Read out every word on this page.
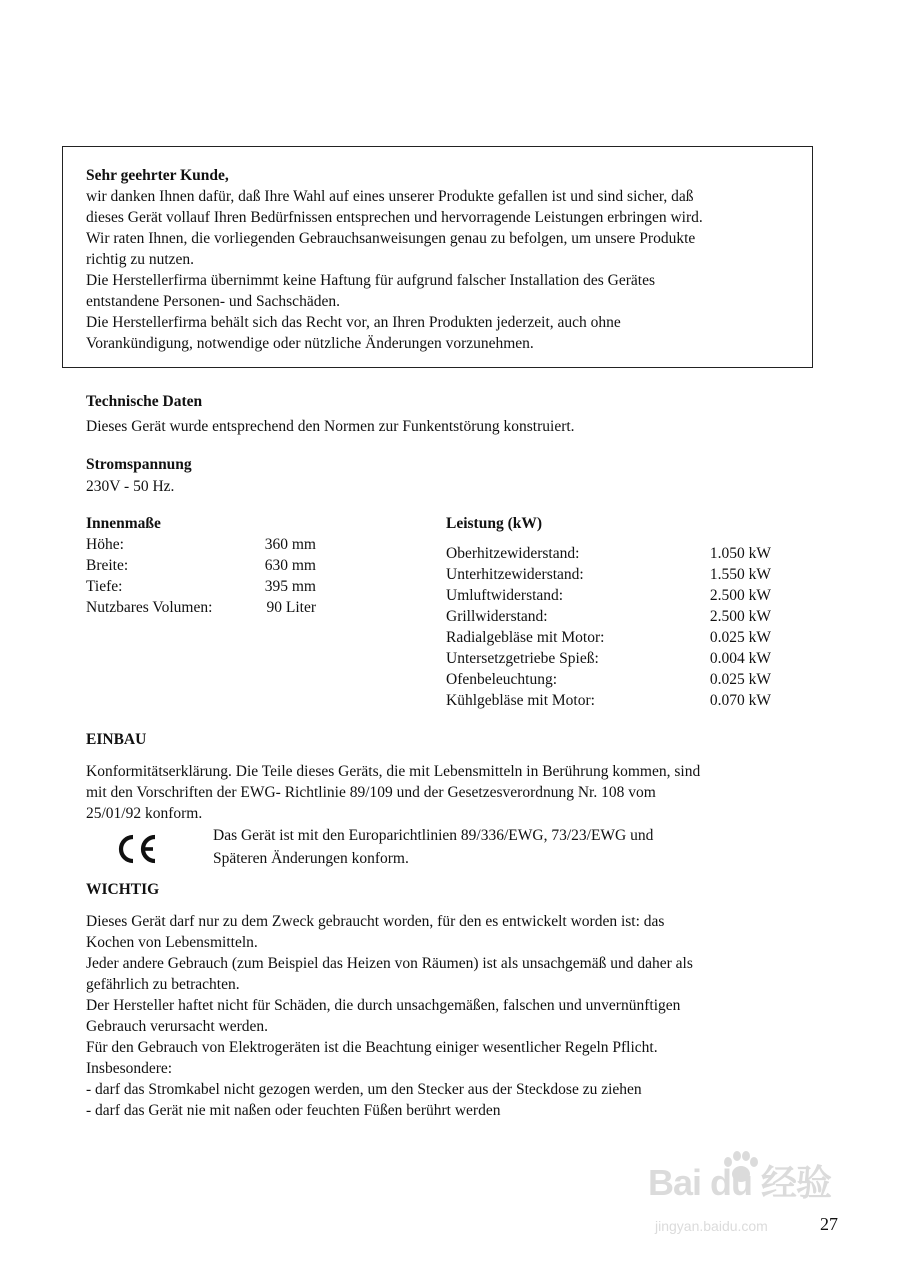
Sehr geehrter Kunde,

wir danken Ihnen dafür, daß Ihre Wahl auf eines unserer Produkte gefallen ist und sind sicher, daß

dieses Gerät vollauf Ihren Bedürfnissen entsprechen und hervorragende Leistungen erbringen wird.

Wir raten Ihnen, die vorliegenden Gebrauchsanweisungen genau zu befolgen, um unsere Produkte

richtig zu nutzen.

Die Herstellerfirma übernimmt keine Haftung für aufgrund falscher Installation des Gerätes

entstandene Personen- und Sachschäden.

Die Herstellerfirma behält sich das Recht vor, an Ihren Produkten jederzeit, auch ohne

Vorankündigung, notwendige oder nützliche Änderungen vorzunehmen.

Technische Daten

Dieses Gerät wurde entsprechend den Normen zur Funkentstörung konstruiert.

Stromspannung

230V - 50 Hz.

Innenmaße

Höhe:	360 mm
Breite:	630 mm
Tiefe:	395 mm
Nutzbares Volumen:	90 Liter

Leistung (kW)

Oberhitzewiderstand:	1.050 kW
Unterhitzewiderstand:	1.550 kW
Umluftwiderstand:	2.500 kW
Grillwiderstand:	2.500 kW
Radialgebläse mit Motor:	0.025 kW
Untersetzgetriebe Spieß:	0.004 kW
Ofenbeleuchtung:	0.025 kW
Kühlgebläse mit Motor:	0.070 kW

EINBAU

Konformitätserklärung. Die Teile dieses Geräts, die mit Lebensmitteln in Berührung kommen, sind

mit den Vorschriften der EWG- Richtlinie 89/109 und der Gesetzesverordnung Nr. 108 vom

25/01/92 konform.

Das Gerät ist mit den Europarichtlinien 89/336/EWG, 73/23/EWG und

Späteren Änderungen konform.

WICHTIG

Dieses Gerät darf nur zu dem Zweck gebraucht worden, für den es entwickelt worden ist: das

Kochen von Lebensmitteln.

Jeder andere Gebrauch (zum Beispiel das Heizen von Räumen) ist als unsachgemäß und daher als

gefährlich zu betrachten.

Der Hersteller haftet nicht für Schäden, die durch unsachgemäßen, falschen und unvernünftigen

Gebrauch verursacht werden.

Für den Gebrauch von Elektrogeräten ist die Beachtung einiger wesentlicher Regeln Pflicht.

Insbesondere:

- darf das Stromkabel nicht gezogen werden, um den Stecker aus der Steckdose zu ziehen

- darf das Gerät nie mit naßen oder feuchten Füßen berührt werden

Bai du 经验
jingyan.baidu.com	27
